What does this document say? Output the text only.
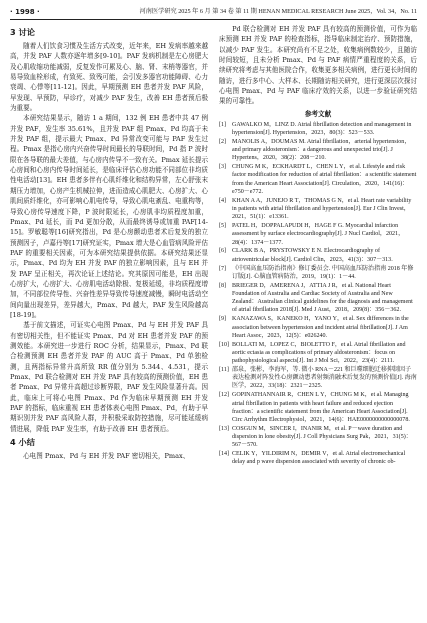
· 1998 ·	河南医学研究 2025 年 6 月 第 34 卷 第 11 期 HENAN MEDICAL RESEARCH June 2025，Vol. 34，No. 11
3 讨论

随着人们饮食习惯及生活方式改变，近年来，EH 发病率越来越高，并发 PAF 人数亦逐年增多[9-10]。PAF 发病机制是左心房肥大及心肌收缩功能减弱，反复发作可累及心、脑、肾、末梢等器官，并易导致血栓形成，有致死、致残可能，会引发多器官功能障碍、心力衰竭、心悸等[11-12]。因此，早期预测 EH 患者并发 PAF 风险，早发现、早预防，早诊疗，对减少 PAF 发生，改善 EH 患者预后极为重要。

本研究结果显示，随访 1 a 期间，132 例 EH 患者中共 47 例并发 PAF，发生率 35.61%，且并发 PAF 组 Pmax、Pd 均高于未并发 PAF 组，提示最大 Pmax、Pd 异常改变可能与 PAF 发生过程。Pmax 是指心房内兴奋传导时间最长的导联时间，Pd 指 P 波时限在各导联的最大差值，与心房内传导不一致有关。Pmax 延长提示心房间和心房内传导时间延长，是临床评估心房功能不同部位非均质性电活动[13]。EH 患者多伴有心肌纤维化和结构异常，左心舒张末期压力增加，心房产生机械拉伸，进而造成心肌肥大、心房扩大、心肌间质纤维化，亦可影响心肌电传导，导致心肌电紊乱、电重构等，导致心房传导速度下降，P 波时限延长，心房肌非均质程度加重，Pmax、Pd 延长，而 Pd 更加分散，从而最终诱导或加重 PAF[14-15]。罗敏聪等[16]研究指出，Pd 是心房颤动患者术后复发的独立预测因子，卢嘉丹等[17]研究证实，Pmax 增大是心血管病风险评估 PAF 的重要相关因素，可为本研究结果提供依据。本研究结果还显示，Pmax、Pd 均为 EH 并发 PAF 的独立影响因素，且与 EH 并发 PAF 呈正相关，再次论证上述结论。究其原因可能是，EH 出现心房扩大，心房扩大、心房肌电活动除极、复极延缓，非均质程度增加，不同部位传导性、兴奋性差异导致传导速度减慢，瞬时电活动空间向量出现差异，差异越大，Pmax、Pd 越大，PAF 发生风险越高[18-19]。

基于前文描述，可证实心电图 Pmax、Pd 与 EH 并发 PAF 具有密切相关性，但不能证实 Pmax、Pd 对 EH 患者并发 PAF 的预测效能。本研究进一步进行 ROC 分析，结果显示，Pmax、Pd 联合检测预测 EH 患者并发 PAF 的 AUC 高于 Pmax、Pd 单独检测，且两指标异常升高所致 RR 值分别为 5.344、4.531，提示 Pmax、Pd 联合检测对 EH 并发 PAF 具有较高的预测价值，EH 患者 Pmax、Pd 异常升高超过诊断界限，PAF 发生风险显著升高。因此，临床上可将心电图 Pmax、Pd 作为临床早期预测 EH 并发 PAF 的指标，临床重视 EH 患者体表心电图 Pmax、Pd，有助于早期识别并发 PAF 高风险人群，并积极采取防控措施，尽可能延缓病情进展，降低 PAF 发生率，有助于改善 EH 患者预后。

4 小结

心电图 Pmax、Pd 与 EH 并发 PAF 密切相关，Pmax、

Pd 联合检测对 EH 并发 PAF 具有较高的预测价值，可作为临床预测 EH 并发 PAF 的检查指标，指导临床制定治疗、预防措施，以减少 PAF 发生。本研究尚有不足之处，收集病例数较少，且随访时间较短，且未分析 Pmax、Pd 与 PAF 病情严重程度的关系，后续研究将考虑与其他医院合作，收集更多相关病例，进行更长时间的随访，进行多中心、大样本、长期随访相关研究，进行更深层次探讨心电图 Pmax、Pd 与 PAF 临床疗效的关系，以进一步验证研究结果的可靠性。

参考文献
[1] GAWALKO M，LINZ D. Atrial fibrillation detection and management in hypertension[J]. Hypertension，2023，80(3)：523－533.
[2] MANOLIS A，DOUMAS M. Atrial fibrillation，arterial hypertension，and primary aldosteronism：a dangerous and unexpected trio[J]. J Hypertens，2020，38(2)：208－210.
[3] CHUNG M K，ECKHARDT L，CHEN L Y，et al. Lifestyle and risk factor modification for reduction of atrial fibrillation：a scientific statement from the American Heart Association[J]. Circulation，2020，141(16)：e750－e772.
[4] KHAN A A，JUNEJO R T，THOMAS G N，et al. Heart rate variability in patients with atrial fibrillation and hypertension[J]. Eur J Clin Invest，2021，51(1)：e13361.
[5] PATEL H，DOPPALAPUDI H，HAGE F G. Myocardial infarction assessment by surface electrocardiography[J]. J Nucl Cardiol，2021，28(4)：1374－1377.
[6] CLARK B A，PRYSTOWSKY E N. Electrocardiography of atrioventricular block[J]. Cardiol Clin，2023，41(3)：307－313.
[7] 《中国高血压防治指南》修订委员会. 中国高血压防治指南 2018 年修订版[J]. 心脑血管病防治，2019，19(1)：1－44.
[8] BRIEGER D，AMERENA J，ATTIA J R，et al. National Heart Foundation of Australia and Cardiac Society of Australia and New Zealand：Australian clinical guidelines for the diagnosis and management of atrial fibrillation 2018[J]. Med J Aust，2018，209(8)：356－362.
[9] KANAZAWA S，KANEKO H，YANO Y，et al. Sex differences in the association between hypertension and incident atrial fibrillation[J]. J Am Heart Assoc，2023，12(5)：e026240.
[10] BOLLATI M，LOPEZ C，BIOLETTO F，et al. Atrial fibrillation and aortic ectasia as complications of primary aldosteronism：focus on pathophysiological aspects[J]. Int J Mol Sci，2022，23(4)：2111.
[11] 邵泉，张彬，李海军，等. 微小 RNA－221 和巨噬细胞迁移抑制因子表达检测对阵发性心房颤动患者射频消融术后复发的预测价值[J]. 海南医学，2022，33(18)：2321－2325.
[12] GOPINATHANNAIR R，CHEN L Y，CHUNG M K，et al. Managing atrial fibrillation in patients with heart failure and reduced ejection fraction：a scientific statement from the American Heart Association[J]. Circ Arrhythm Electrophysiol，2021，14(6)：HAE0000000000000078.
[13] COSGUN M，SINCER I，INANIR M，et al. P－wave duration and dispersion in lone obesity[J]. J Coll Physicians Surg Pak，2021，31(5)：567－570.
[14] CELIK Y，YILDIRIM N，DEMIR V，et al. Atrial electromechanical delay and p wave dispersion associated with severity of chronic ob-
